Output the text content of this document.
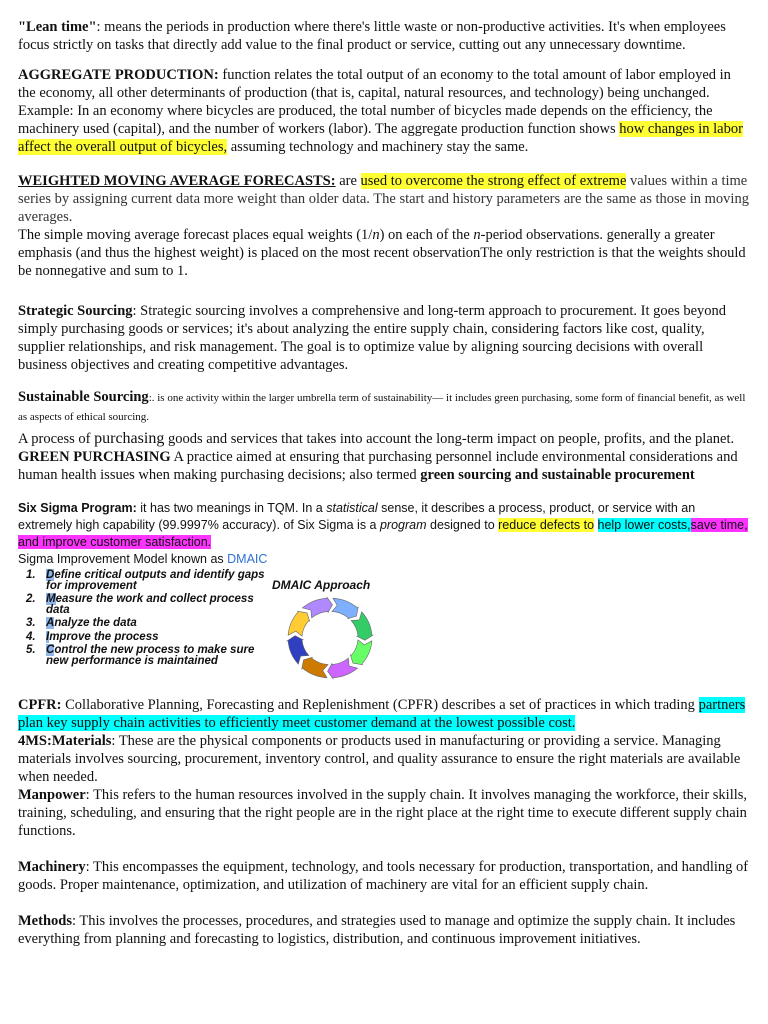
"Lean time": means the periods in production where there's little waste or non-productive activities. It's when employees focus strictly on tasks that directly add value to the final product or service, cutting out any unnecessary downtime.

AGGREGATE PRODUCTION: function relates the total output of an economy to the total amount of labor employed in the economy, all other determinants of production (that is, capital, natural resources, and technology) being unchanged. Example: In an economy where bicycles are produced, the total number of bicycles made depends on the efficiency, the machinery used (capital), and the number of workers (labor). The aggregate production function shows how changes in labor affect the overall output of bicycles, assuming technology and machinery stay the same.

WEIGHTED MOVING AVERAGE FORECASTS: are used to overcome the strong effect of extreme values within a time series by assigning current data more weight than older data. The start and history parameters are the same as those in moving averages.

The simple moving average forecast places equal weights (1/n) on each of the n-period observations. generally a greater emphasis (and thus the highest weight) is placed on the most recent observationThe only restriction is that the weights should be nonnegative and sum to 1.

Strategic Sourcing: Strategic sourcing involves a comprehensive and long-term approach to procurement. It goes beyond simply purchasing goods or services; it's about analyzing the entire supply chain, considering factors like cost, quality, supplier relationships, and risk management. The goal is to optimize value by aligning sourcing decisions with overall business objectives and creating competitive advantages.

Sustainable Sourcing:. is one activity within the larger umbrella term of sustainability— it includes green purchasing, some form of financial benefit, as well as aspects of ethical sourcing.

A process of purchasing goods and services that takes into account the long-term impact on people, profits, and the planet.

GREEN PURCHASING A practice aimed at ensuring that purchasing personnel include environmental considerations and human health issues when making purchasing decisions; also termed green sourcing and sustainable procurement

Six Sigma Program: it has two meanings in TQM. In a statistical sense, it describes a process, product, or service with an extremely high capability (99.9997% accuracy). of Six Sigma is a program designed to reduce defects to help lower costs,save time, and improve customer satisfaction.

Sigma Improvement Model known as DMAIC

1. Define critical outputs and identify gaps for improvement
2. Measure the work and collect process data
3. Analyze the data
4. Improve the process
5. Control the new process to make sure new performance is maintained
DMAIC Approach

CPFR: Collaborative Planning, Forecasting and Replenishment (CPFR) describes a set of practices in which trading partners plan key supply chain activities to efficiently meet customer demand at the lowest possible cost.

4MS:Materials: These are the physical components or products used in manufacturing or providing a service. Managing materials involves sourcing, procurement, inventory control, and quality assurance to ensure the right materials are available when needed.

Manpower: This refers to the human resources involved in the supply chain. It involves managing the workforce, their skills, training, scheduling, and ensuring that the right people are in the right place at the right time to execute different supply chain functions.

Machinery: This encompasses the equipment, technology, and tools necessary for production, transportation, and handling of goods. Proper maintenance, optimization, and utilization of machinery are vital for an efficient supply chain.

Methods: This involves the processes, procedures, and strategies used to manage and optimize the supply chain. It includes everything from planning and forecasting to logistics, distribution, and continuous improvement initiatives.
